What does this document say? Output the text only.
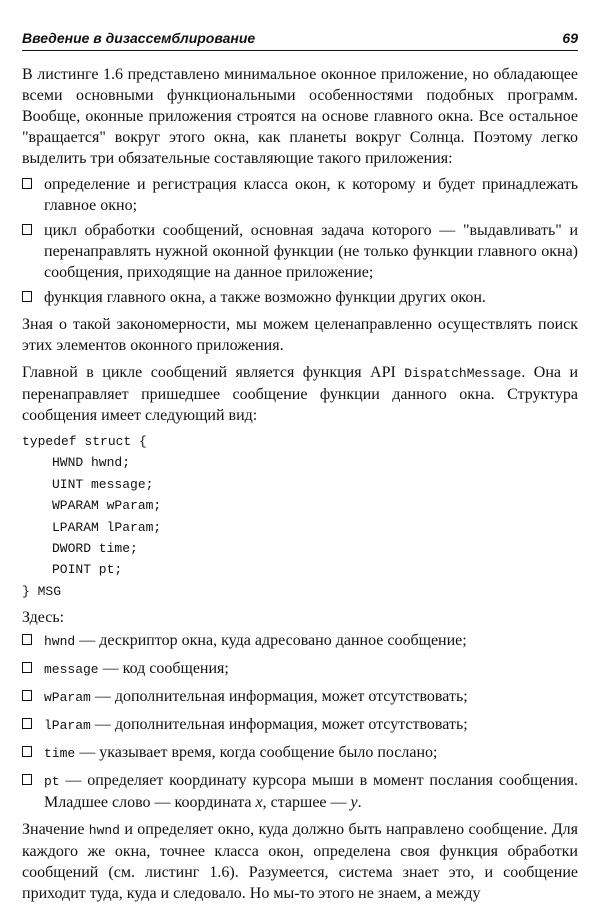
Введение в дизассемблирование	69

В листинге 1.6 представлено минимальное оконное приложение, но обладающее всеми основными функциональными особенностями подобных программ. Вообще, оконные приложения строятся на основе главного окна. Все остальное "вращается" вокруг этого окна, как планеты вокруг Солнца. Поэтому легко выделить три обязательные составляющие такого приложения:

определение и регистрация класса окон, к которому и будет принадлежать главное окно;
цикл обработки сообщений, основная задача которого — "выдавливать" и перенаправлять нужной оконной функции (не только функции главного окна) сообщения, приходящие на данное приложение;
функция главного окна, а также возможно функции других окон.

Зная о такой закономерности, мы можем целенаправленно осуществлять поиск этих элементов оконного приложения.

Главной в цикле сообщений является функция API DispatchMessage. Она и перенаправляет пришедшее сообщение функции данного окна. Структура сообщения имеет следующий вид:

typedef struct {
HWND hwnd;
UINT message;
WPARAM wParam;
LPARAM lParam;
DWORD time;
POINT pt;
} MSG

Здесь:

hwnd — дескриптор окна, куда адресовано данное сообщение;
message — код сообщения;
wParam — дополнительная информация, может отсутствовать;
lParam — дополнительная информация, может отсутствовать;
time — указывает время, когда сообщение было послано;
pt — определяет координату курсора мыши в момент послания сообщения. Младшее слово — координата x, старшее — y.

Значение hwnd и определяет окно, куда должно быть направлено сообщение. Для каждого же окна, точнее класса окон, определена своя функция обработки сообщений (см. листинг 1.6). Разумеется, система знает это, и сообщение приходит туда, куда и следовало. Но мы-то этого не знаем, а между
